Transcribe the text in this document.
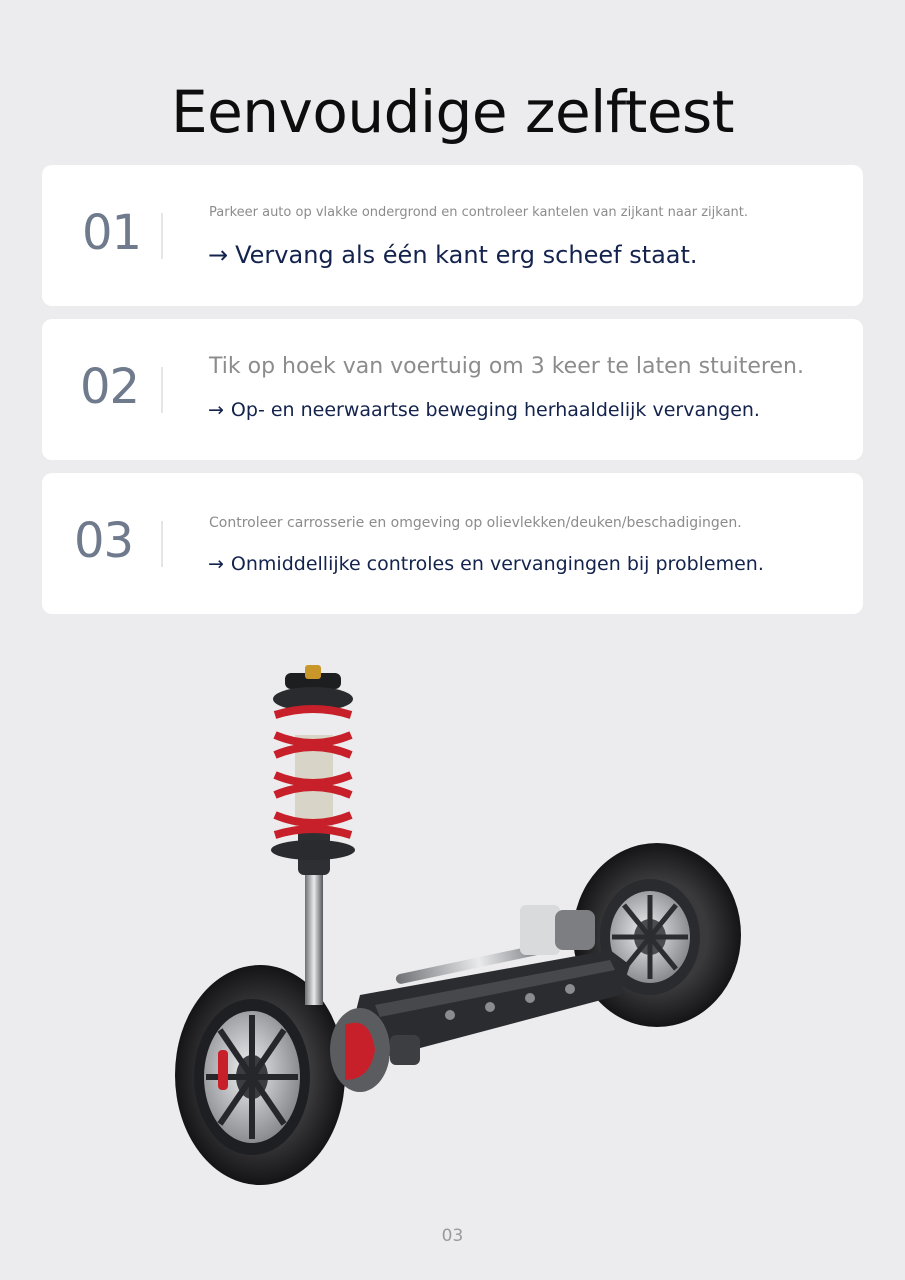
Eenvoudige zelftest
01	Parkeer auto op vlakke ondergrond en controleer kantelen van zijkant naar zijkant.
→ Vervang als één kant erg scheef staat.
02	Tik op hoek van voertuig om 3 keer te laten stuiteren.
→ Op- en neerwaartse beweging herhaaldelijk vervangen.
03	Controleer carrosserie en omgeving op olievlekken/deuken/beschadigingen.
→ Onmiddellijke controles en vervangingen bij problemen.
03
